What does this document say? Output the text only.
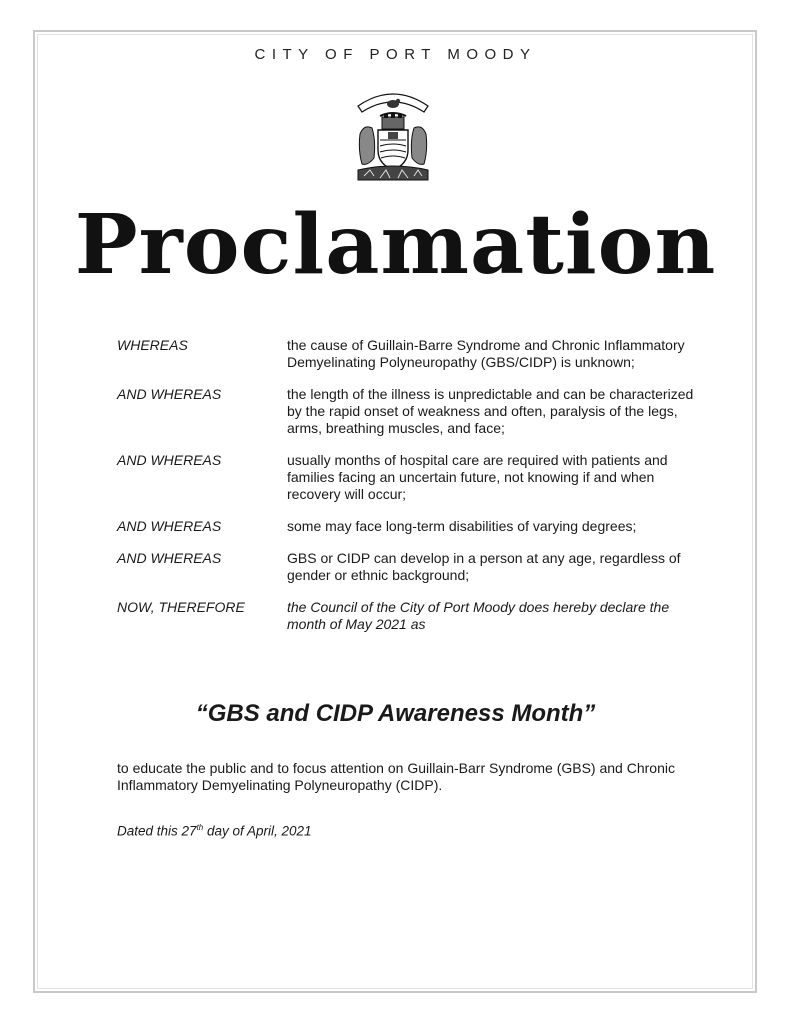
CITY OF PORT MOODY
Proclamation
WHEREAS	the cause of Guillain-Barre Syndrome and Chronic Inflammatory Demyelinating Polyneuropathy (GBS/CIDP) is unknown;
AND WHEREAS	the length of the illness is unpredictable and can be characterized by the rapid onset of weakness and often, paralysis of the legs, arms, breathing muscles, and face;
AND WHEREAS	usually months of hospital care are required with patients and families facing an uncertain future, not knowing if and when recovery will occur;
AND WHEREAS	some may face long-term disabilities of varying degrees;
AND WHEREAS	GBS or CIDP can develop in a person at any age, regardless of gender or ethnic background;
NOW, THEREFORE	the Council of the City of Port Moody does hereby declare the month of May 2021 as
“GBS and CIDP Awareness Month”
to educate the public and to focus attention on Guillain-Barr Syndrome (GBS) and Chronic Inflammatory Demyelinating Polyneuropathy (CIDP).
Dated this 27th day of April, 2021
